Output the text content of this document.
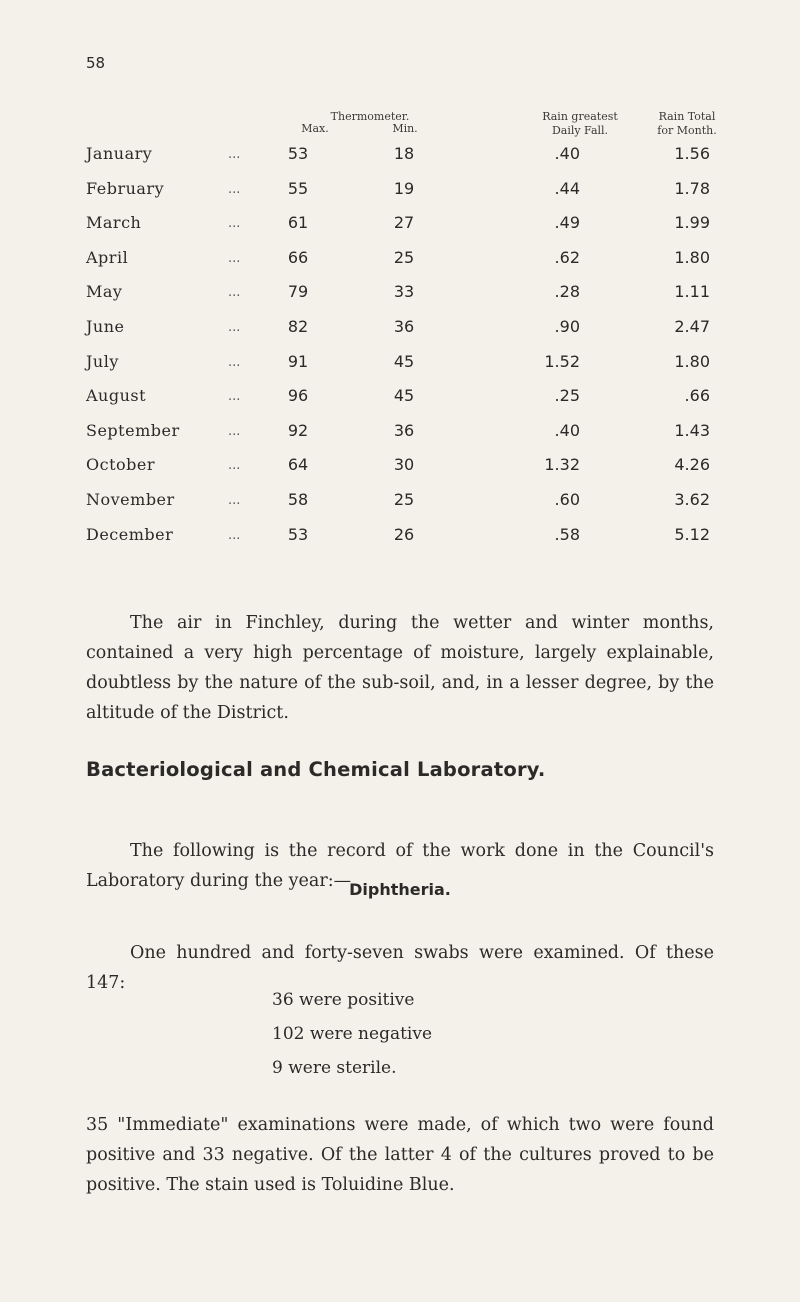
58
Thermometer.
Max.	Min.
Rain greatest
Daily Fall.
Rain Total
for Month.
January	...	53	18	.40	1.56
February	...	55	19	.44	1.78
March	...	61	27	.49	1.99
April	...	66	25	.62	1.80
May	...	79	33	.28	1.11
June	...	82	36	.90	2.47
July	...	91	45	1.52	1.80
August	...	96	45	.25	.66
September	...	92	36	.40	1.43
October	...	64	30	1.32	4.26
November	...	58	25	.60	3.62
December	...	53	26	.58	5.12

The air in Finchley, during the wetter and winter months, contained a very high percentage of moisture, largely explainable, doubtless by the nature of the sub-soil, and, in a lesser degree, by the altitude of the District.

Bacteriological and Chemical Laboratory.

The following is the record of the work done in the Council's Laboratory during the year:—

Diphtheria.

One hundred and forty-seven swabs were examined. Of these 147:

36 were positive
102 were negative
9 were sterile.

35 "Immediate" examinations were made, of which two were found positive and 33 negative. Of the latter 4 of the cultures proved to be positive. The stain used is Toluidine Blue.
